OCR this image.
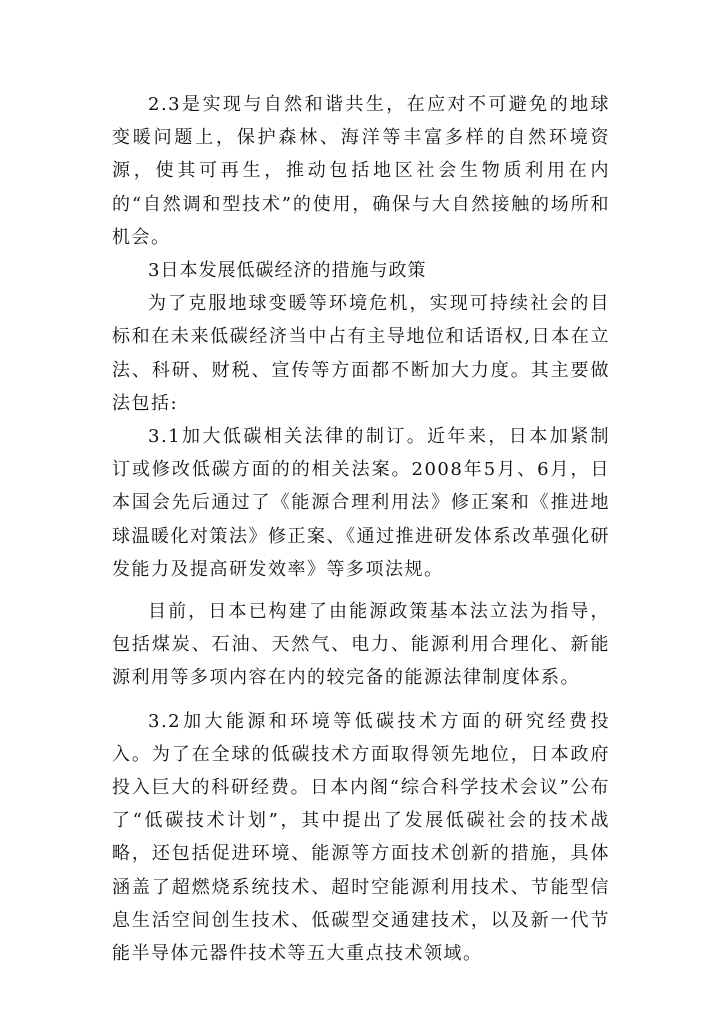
2.3是实现与自然和谐共生，在应对不可避免的地球变暖问题上，保护森林、海洋等丰富多样的自然环境资源，使其可再生，推动包括地区社会生物质利用在内的“自然调和型技术”的使用，确保与大自然接触的场所和机会。

3日本发展低碳经济的措施与政策

为了克服地球变暖等环境危机，实现可持续社会的目标和在未来低碳经济当中占有主导地位和话语权,日本在立法、科研、财税、宣传等方面都不断加大力度。其主要做法包括:

3.1加大低碳相关法律的制订。近年来，日本加紧制订或修改低碳方面的的相关法案。2008年5月、6月，日本国会先后通过了《能源合理利用法》修正案和《推进地球温暖化对策法》修正案、《通过推进研发体系改革强化研发能力及提高研发效率》等多项法规。

目前，日本已构建了由能源政策基本法立法为指导，包括煤炭、石油、天然气、电力、能源利用合理化、新能源利用等多项内容在内的较完备的能源法律制度体系。

3.2加大能源和环境等低碳技术方面的研究经费投入。为了在全球的低碳技术方面取得领先地位，日本政府投入巨大的科研经费。日本内阁“综合科学技术会议”公布了“低碳技术计划”，其中提出了发展低碳社会的技术战略，还包括促进环境、能源等方面技术创新的措施，具体涵盖了超燃烧系统技术、超时空能源利用技术、节能型信息生活空间创生技术、低碳型交通建技术，以及新一代节能半导体元器件技术等五大重点技术领域。
